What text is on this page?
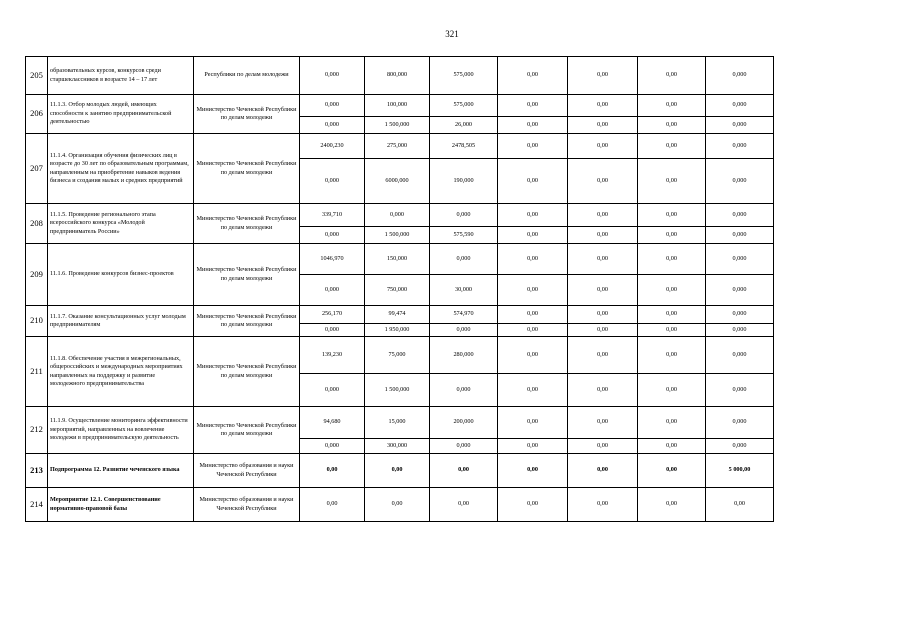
321
205	образовательных курсов, конкурсов среди старшеклассников в возрасте 14 – 17 лет	Республики по делам молодежи	0,000	800,000	575,000	0,00	0,00	0,00	0,000
206	11.1.3. Отбор молодых людей, имеющих способности к занятию предпринимательской деятельностью	Министерство Чеченской Республики по делам молодежи	0,000	100,000	575,000	0,00	0,00	0,00	0,000
			0,000	1 500,000	26,000	0,00	0,00	0,00	0,000
207	11.1.4. Организация обучения физических лиц в возрасте до 30 лет по образовательным программам, направленным на приобретение навыков ведения бизнеса и создания малых и средних предприятий	Министерство Чеченской Республики по делам молодежи	2400,230	275,000	2478,505	0,00	0,00	0,00	0,000
			0,000	6000,000	190,000	0,00	0,00	0,00	0,000
208	11.1.5. Проведение регионального этапа всероссийского конкурса «Молодой предприниматель России»	Министерство Чеченской Республики по делам молодежи	339,710	0,000	0,000	0,00	0,00	0,00	0,000
			0,000	1 500,000	575,590	0,00	0,00	0,00	0,000
209	11.1.6. Проведение конкурсов бизнес-проектов	Министерство Чеченской Республики по делам молодежи	1046,970	150,000	0,000	0,00	0,00	0,00	0,000
			0,000	750,000	30,000	0,00	0,00	0,00	0,000
210	11.1.7. Оказание консультационных услуг молодым предпринимателям	Министерство Чеченской Республики по делам молодежи	256,170	99,474	574,970	0,00	0,00	0,00	0,000
			0,000	1 950,000	0,000	0,00	0,00	0,00	0,000
211	11.1.8. Обеспечение участия в межрегиональных, общероссийских и международных мероприятиях направленных на поддержку и развитие молодежного предпринимательства	Министерство Чеченской Республики по делам молодежи	139,230	75,000	280,000	0,00	0,00	0,00	0,000
			0,000	1 500,000	0,000	0,00	0,00	0,00	0,000
212	11.1.9. Осуществление мониторинга эффективности мероприятий, направленных на вовлечение молодежи в предпринимательскую деятельность	Министерство Чеченской Республики по делам молодежи	94,680	15,000	200,000	0,00	0,00	0,00	0,000
			0,000	300,000	0,000	0,00	0,00	0,00	0,000
213	Подпрограмма 12. Развитие чеченского языка	Министерство образования и науки Чеченской Республики	0,00	0,00	0,00	0,00	0,00	0,00	5 000,00
214	Мероприятие 12.1. Совершенствование нормативно-правовой базы	Министерство образования и науки Чеченской Республики	0,00	0,00	0,00	0,00	0,00	0,00	0,00
